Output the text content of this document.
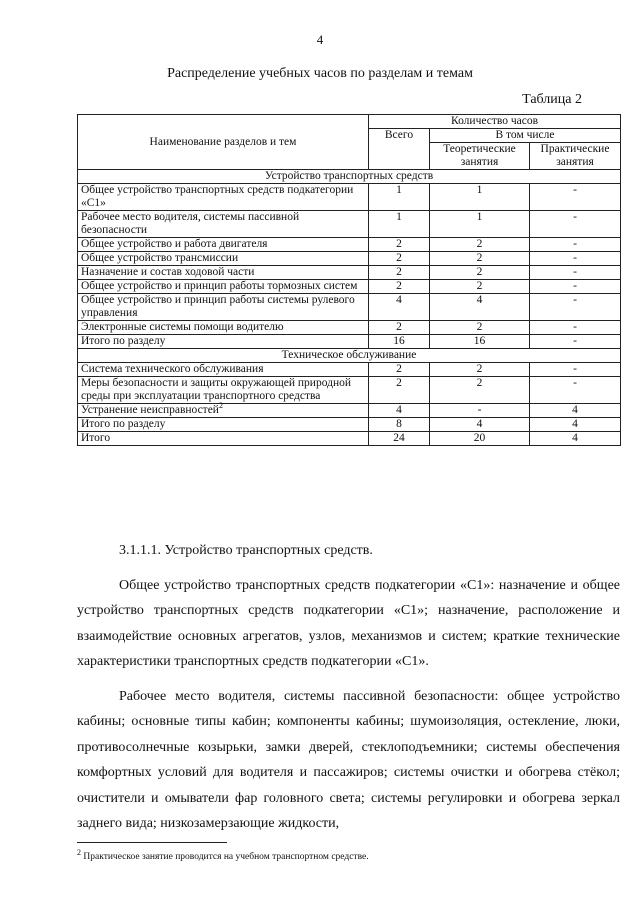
4
Распределение учебных часов по разделам и темам
Таблица 2
Наименование разделов и тем	Количество часов		
	Всего	В том числе	
		Теоретические занятия	Практические занятия
Устройство транспортных средств			
Общее устройство транспортных средств подкатегории «С1»	1	1	-
Рабочее место водителя, системы пассивной безопасности	1	1	-
Общее устройство и работа двигателя	2	2	-
Общее устройство трансмиссии	2	2	-
Назначение и состав ходовой части	2	2	-
Общее устройство и принцип работы тормозных систем	2	2	-
Общее устройство и принцип работы системы рулевого управления	4	4	-
Электронные системы помощи водителю	2	2	-
Итого по разделу	16	16	-
Техническое обслуживание			
Система технического обслуживания	2	2	-
Меры безопасности и защиты окружающей природной среды при эксплуатации транспортного средства	2	2	-
Устранение неисправностей$^2$	4	-	4
Итого по разделу	8	4	4
Итого	24	20	4

3.1.1.1. Устройство транспортных средств.

Общее устройство транспортных средств подкатегории «С1»: назначение и общее устройство транспортных средств подкатегории «С1»; назначение, расположение и взаимодействие основных агрегатов, узлов, механизмов и систем; краткие технические характеристики транспортных средств подкатегории «С1».

Рабочее место водителя, системы пассивной безопасности: общее устройство кабины; основные типы кабин; компоненты кабины; шумоизоляция, остекление, люки, противосолнечные козырьки, замки дверей, стеклоподъемники; системы обеспечения комфортных условий для водителя и пассажиров; системы очистки и обогрева стёкол; очистители и омыватели фар головного света; системы регулировки и обогрева зеркал заднего вида; низкозамерзающие жидкости,

$^2$ Практическое занятие проводится на учебном транспортном средстве.
